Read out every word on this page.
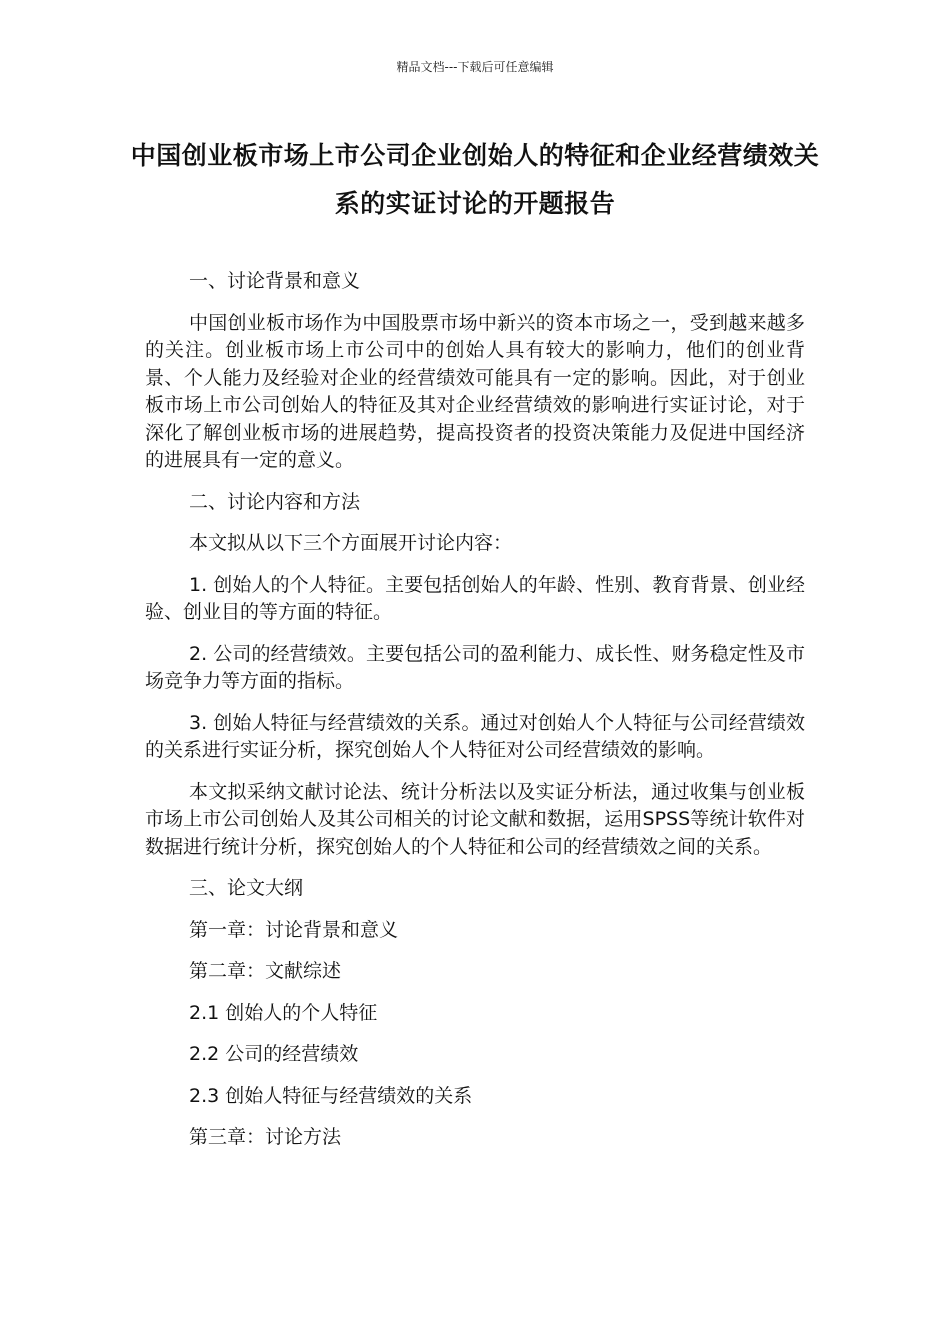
精品文档---下载后可任意编辑
中国创业板市场上市公司企业创始人的特征和企业经营绩效关系的实证讨论的开题报告

一、讨论背景和意义

中国创业板市场作为中国股票市场中新兴的资本市场之一，受到越来越多的关注。创业板市场上市公司中的创始人具有较大的影响力，他们的创业背景、个人能力及经验对企业的经营绩效可能具有一定的影响。因此，对于创业板市场上市公司创始人的特征及其对企业经营绩效的影响进行实证讨论，对于深化了解创业板市场的进展趋势，提高投资者的投资决策能力及促进中国经济的进展具有一定的意义。

二、讨论内容和方法

本文拟从以下三个方面展开讨论内容：

1. 创始人的个人特征。主要包括创始人的年龄、性别、教育背景、创业经验、创业目的等方面的特征。

2. 公司的经营绩效。主要包括公司的盈利能力、成长性、财务稳定性及市场竞争力等方面的指标。

3. 创始人特征与经营绩效的关系。通过对创始人个人特征与公司经营绩效的关系进行实证分析，探究创始人个人特征对公司经营绩效的影响。

本文拟采纳文献讨论法、统计分析法以及实证分析法，通过收集与创业板市场上市公司创始人及其公司相关的讨论文献和数据，运用SPSS等统计软件对数据进行统计分析，探究创始人的个人特征和公司的经营绩效之间的关系。

三、论文大纲

第一章：讨论背景和意义

第二章：文献综述

2.1 创始人的个人特征

2.2 公司的经营绩效

2.3 创始人特征与经营绩效的关系

第三章：讨论方法
